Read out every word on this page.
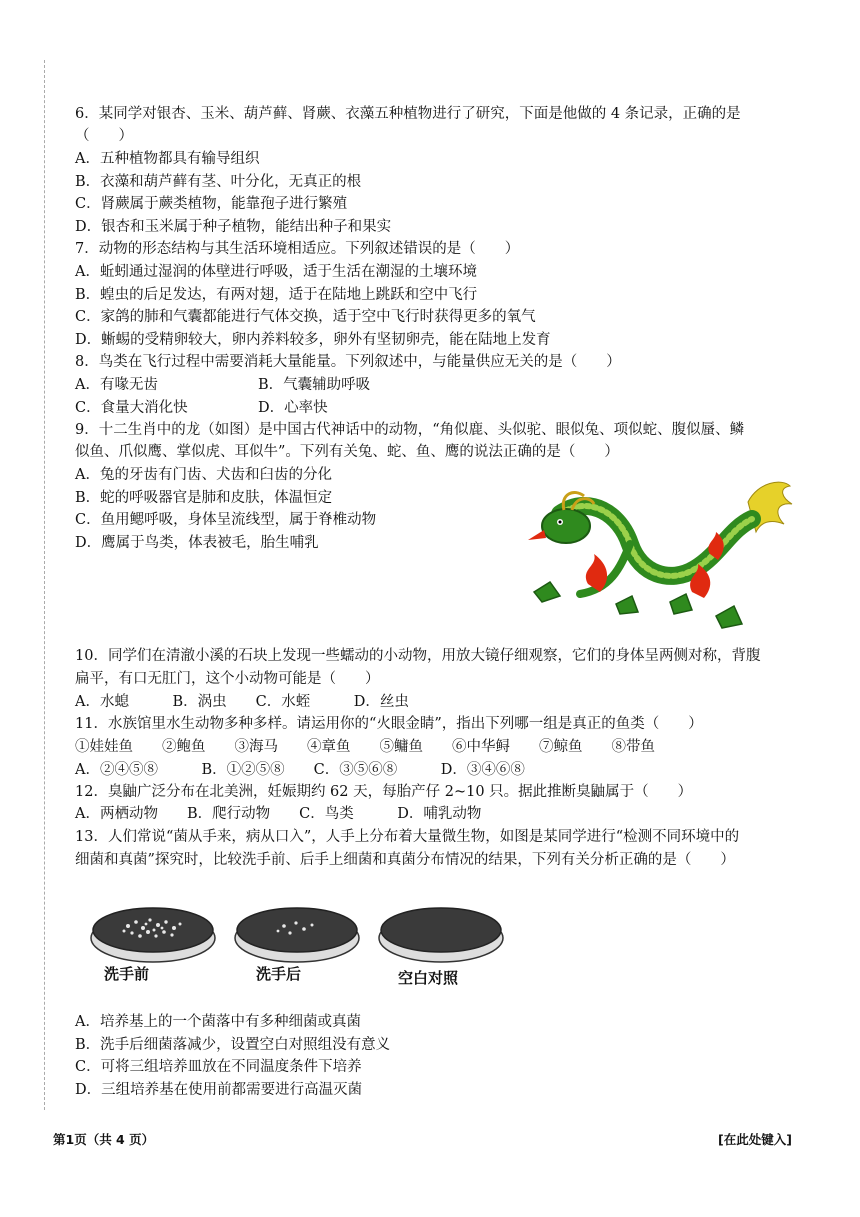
6．某同学对银杏、玉米、葫芦藓、肾蕨、衣藻五种植物进行了研究，下面是他做的 4 条记录，正确的是
（　　）
A．五种植物都具有输导组织
B．衣藻和葫芦藓有茎、叶分化，无真正的根
C．肾蕨属于蕨类植物，能靠孢子进行繁殖
D．银杏和玉米属于种子植物，能结出种子和果实
7．动物的形态结构与其生活环境相适应。下列叙述错误的是（　　）
A．蚯蚓通过湿润的体壁进行呼吸，适于生活在潮湿的土壤环境
B．蝗虫的后足发达，有两对翅，适于在陆地上跳跃和空中飞行
C．家鸽的肺和气囊都能进行气体交换，适于空中飞行时获得更多的氧气
D．蜥蜴的受精卵较大，卵内养料较多，卵外有坚韧卵壳，能在陆地上发育
8．鸟类在飞行过程中需要消耗大量能量。下列叙述中，与能量供应无关的是（　　）
A．有喙无齿	B．气囊辅助呼吸
C．食量大消化快	D．心率快
9．十二生肖中的龙（如图）是中国古代神话中的动物，“角似鹿、头似驼、眼似兔、项似蛇、腹似蜃、鳞
似鱼、爪似鹰、掌似虎、耳似牛”。下列有关兔、蛇、鱼、鹰的说法正确的是（　　）
A．兔的牙齿有门齿、犬齿和臼齿的分化
B．蛇的呼吸器官是肺和皮肤，体温恒定
C．鱼用鳃呼吸，身体呈流线型，属于脊椎动物
D．鹰属于鸟类，体表被毛，胎生哺乳
10．同学们在清澈小溪的石块上发现一些蠕动的小动物，用放大镜仔细观察，它们的身体呈两侧对称，背腹
扁平，有口无肛门，这个小动物可能是（　　）
A．水螅　　　B．涡虫　　C．水蛭　　　D．丝虫
11．水族馆里水生动物多种多样。请运用你的“火眼金睛”，指出下列哪一组是真正的鱼类（　　）
①娃娃鱼　　②鲍鱼　　③海马　　④章鱼　　⑤鳙鱼　　⑥中华鲟　　⑦鲸鱼　　⑧带鱼
A．②④⑤⑧　　　B．①②⑤⑧　　C．③⑤⑥⑧　　　D．③④⑥⑧
12．臭鼬广泛分布在北美洲，妊娠期约 62 天，每胎产仔 2~10 只。据此推断臭鼬属于（　　）
A．两栖动物　　B．爬行动物　　C．鸟类　　　D．哺乳动物
13．人们常说“菌从手来，病从口入”，人手上分布着大量微生物，如图是某同学进行“检测不同环境中的
细菌和真菌”探究时，比较洗手前、后手上细菌和真菌分布情况的结果，下列有关分析正确的是（　　）
洗手前	洗手后	空白对照
A．培养基上的一个菌落中有多种细菌或真菌
B．洗手后细菌落减少，设置空白对照组没有意义
C．可将三组培养皿放在不同温度条件下培养
D．三组培养基在使用前都需要进行高温灭菌
第1页（共 4 页）	[在此处键入]
